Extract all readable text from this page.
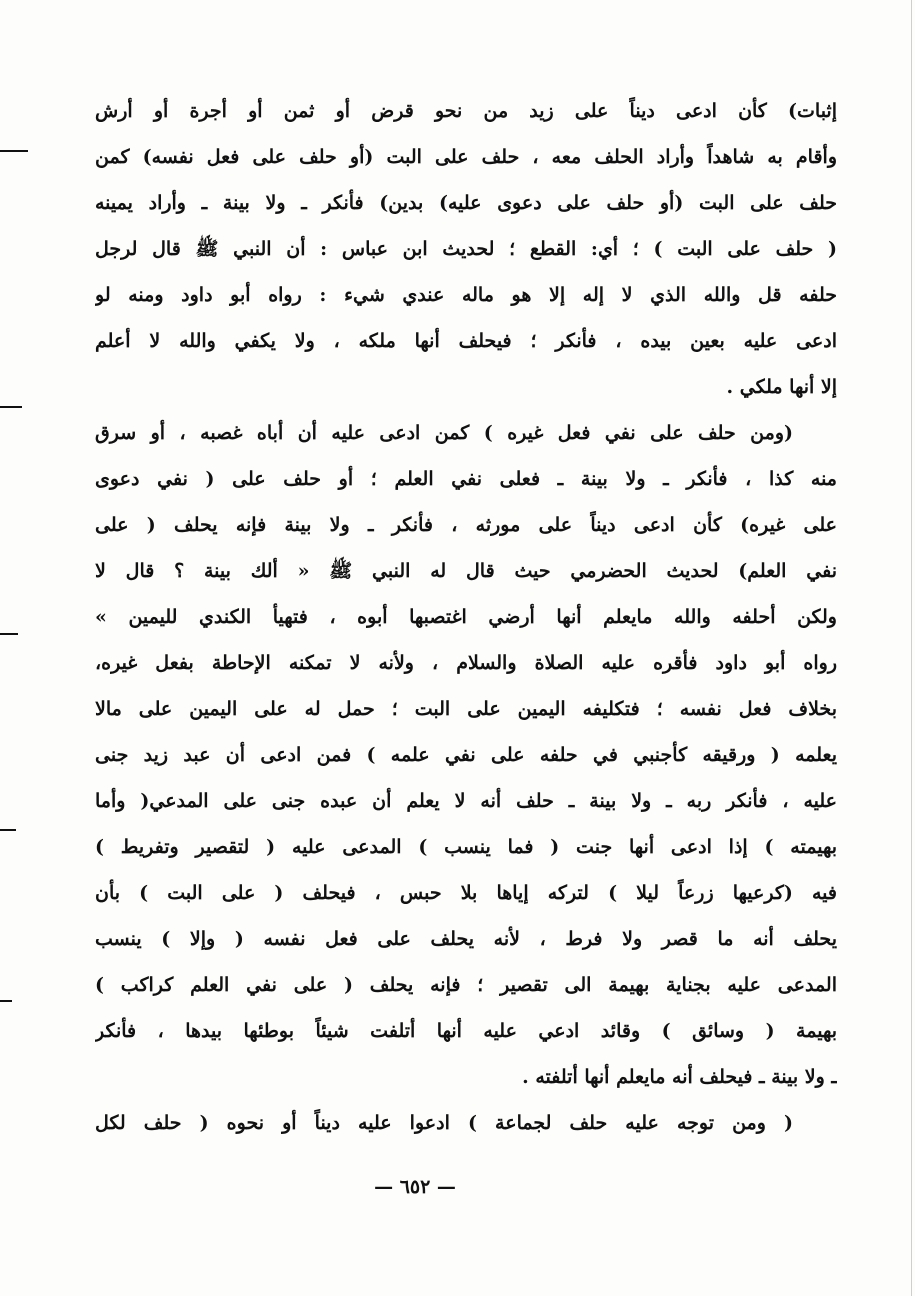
إثبات) كأن ادعى ديناً على زيد من نحو قرض أو ثمن أو أجرة أو أرش
وأقام به شاهداً وأراد الحلف معه ، حلف على البت (أو حلف على فعل نفسه) كمن
حلف على البت (أو حلف على دعوى عليه) بدين) فأنكر ـ ولا بينة ـ وأراد يمينه
( حلف على البت ) ؛ أي: القطع ؛ لحديث ابن عباس : أن النبي ﷺ قال لرجل
حلفه قل والله الذي لا إله إلا هو ماله عندي شيء : رواه أبو داود ومنه لو
ادعى عليه بعين بيده ، فأنكر ؛ فيحلف أنها ملكه ، ولا يكفي والله لا أعلم
إلا أنها ملكي .
(ومن حلف على نفي فعل غيره ) كمن ادعى عليه أن أباه غصبه ، أو سرق
منه كذا ، فأنكر ـ ولا بينة ـ فعلى نفي العلم ؛ أو حلف على ( نفي دعوى
على غيره) كأن ادعى ديناً على مورثه ، فأنكر ـ ولا بينة فإنه يحلف ( على
نفي العلم) لحديث الحضرمي حيث قال له النبي ﷺ « ألك بينة ؟ قال لا
ولكن أحلفه والله مايعلم أنها أرضي اغتصبها أبوه ، فتهيأ الكندي لليمين »
رواه أبو داود فأقره عليه الصلاة والسلام ، ولأنه لا تمكنه الإحاطة بفعل غيره،
بخلاف فعل نفسه ؛ فتكليفه اليمين على البت ؛ حمل له على اليمين على مالا
يعلمه ( ورقيقه كأجنبي في حلفه على نفي علمه ) فمن ادعى أن عبد زيد جنى
عليه ، فأنكر ربه ـ ولا بينة ـ حلف أنه لا يعلم أن عبده جنى على المدعي( وأما
بهيمته ) إذا ادعى أنها جنت ( فما ينسب ) المدعى عليه ( لتقصير وتفريط )
فيه (كرعيها زرعاً ليلا ) لتركه إياها بلا حبس ، فيحلف ( على البت ) بأن
يحلف أنه ما قصر ولا فرط ، لأنه يحلف على فعل نفسه ( وإلا ) ينسب
المدعى عليه بجناية بهيمة الى تقصير ؛ فإنه يحلف ( على نفي العلم كراكب )
بهيمة ( وسائق ) وقائد ادعي عليه أنها أتلفت شيئاً بوطئها بيدها ، فأنكر
ـ ولا بينة ـ فيحلف أنه مايعلم أنها أتلفته .
( ومن توجه عليه حلف لجماعة ) ادعوا عليه ديناً أو نحوه ( حلف لكل
— ٦٥٢ —
